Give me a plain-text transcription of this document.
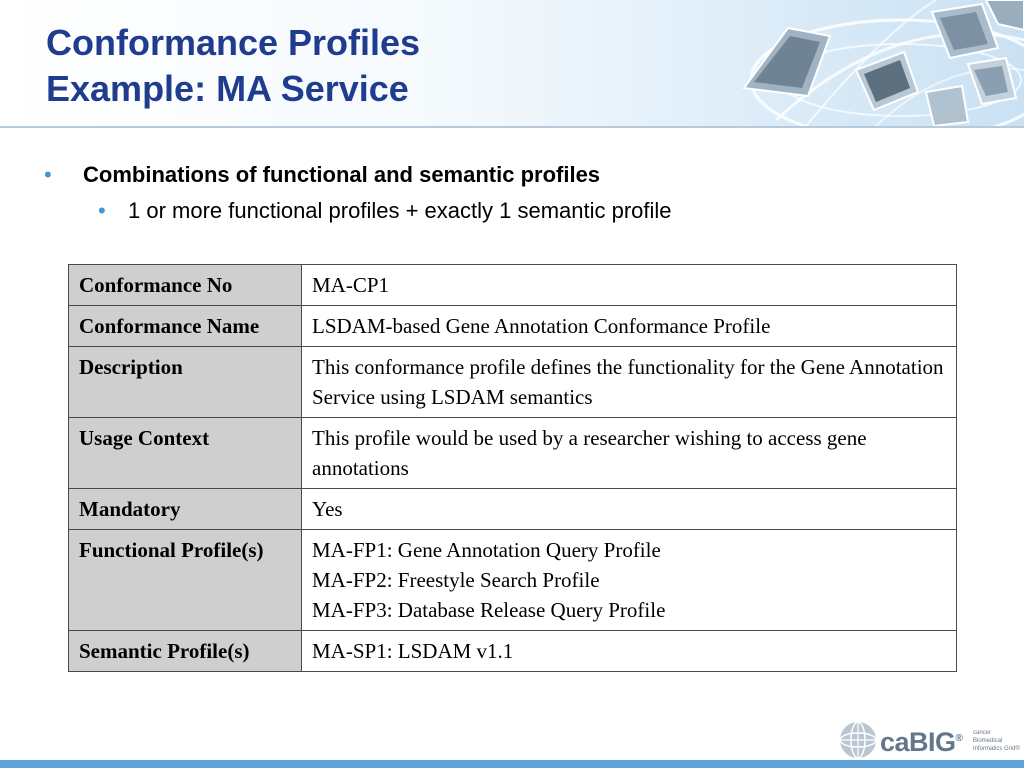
Conformance Profiles
Example: MA Service
•	Combinations of functional and semantic profiles
•	1 or more functional profiles + exactly 1 semantic profile
Conformance No	MA-CP1

Conformance Name	LSDAM-based Gene Annotation Conformance Profile

Description	This conformance profile defines the functionality for the Gene Annotation Service using LSDAM semantics

Usage Context	This profile would be used by a researcher wishing to access gene annotations

Mandatory	Yes

Functional Profile(s)	MA-FP1: Gene Annotation Query Profile
MA-FP2: Freestyle Search Profile
MA-FP3: Database Release Query Profile

Semantic Profile(s)	MA-SP1: LSDAM v1.1
caBIG® cancer Biomedical Informatics Grid®
